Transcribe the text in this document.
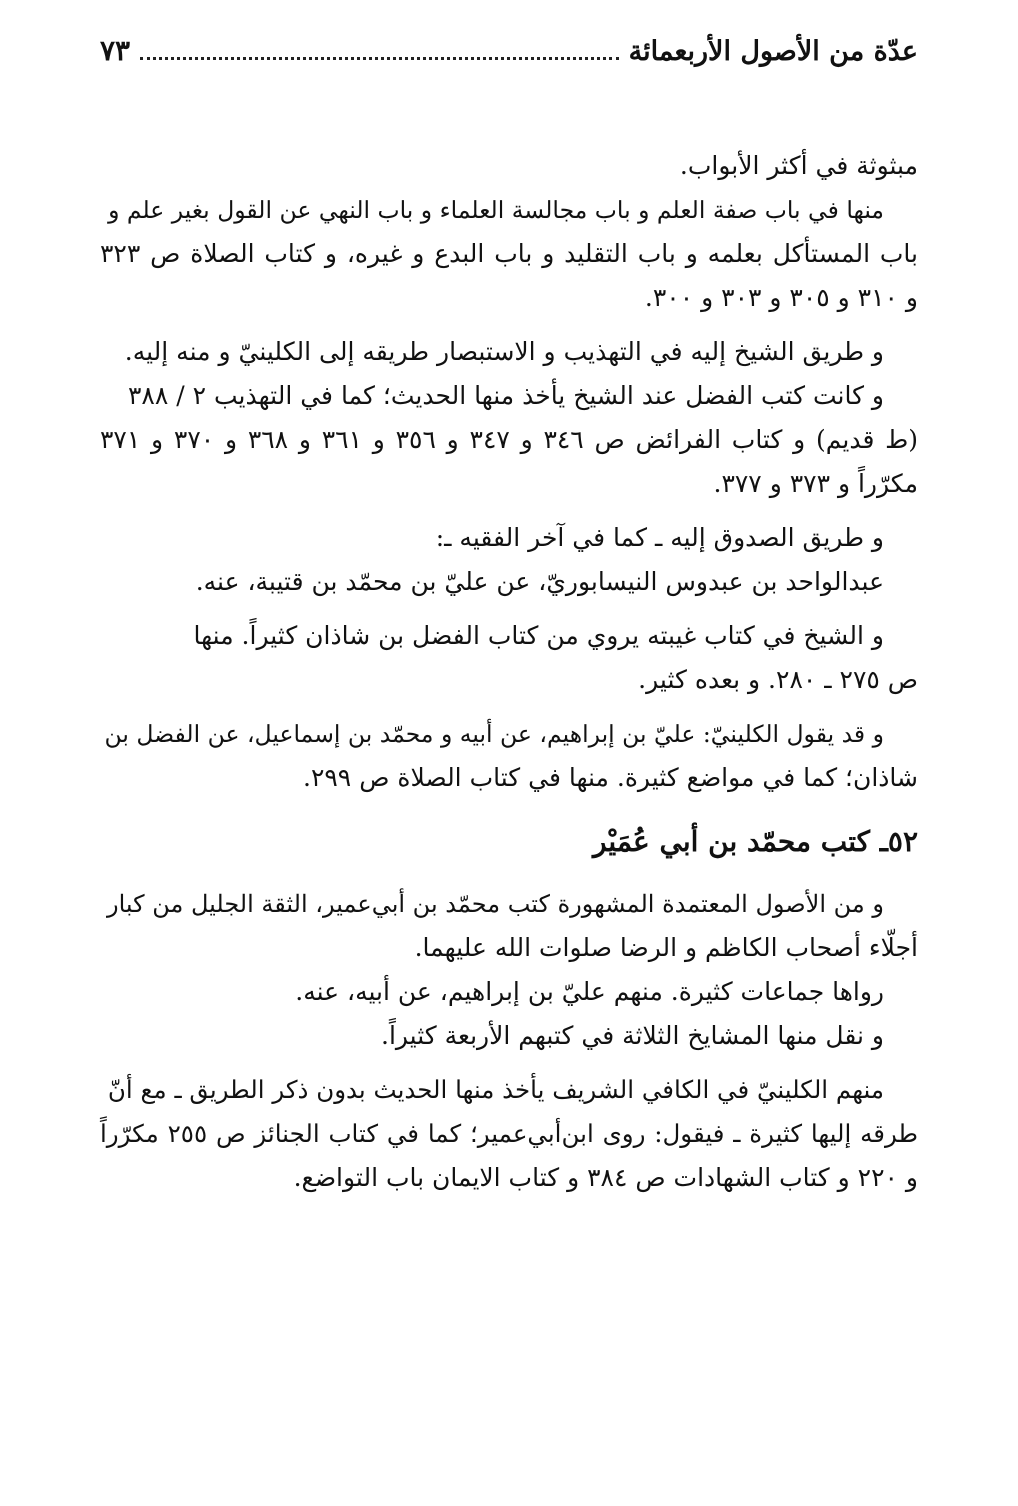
عدّة من الأصول الأربعمائة
٧٣
مبثوثة في أكثر الأبواب.
منها في باب صفة العلم و باب مجالسة العلماء و باب النهي عن القول بغير علم و
باب المستأكل بعلمه و باب التقليد و باب البدع و غيره، و كتاب الصلاة ص ٣٢٣
و ٣١٠ و ٣٠٥ و ٣٠٣ و ٣٠٠.
و طريق الشيخ إليه في التهذيب و الاستبصار طريقه إلى الكلينيّ و منه إليه.
و كانت كتب الفضل عند الشيخ يأخذ منها الحديث؛ كما في التهذيب ٢ / ٣٨٨
(ط قديم) و كتاب الفرائض ص ٣٤٦ و ٣٤٧ و ٣٥٦ و ٣٦١ و ٣٦٨ و ٣٧٠ و ٣٧١
مكرّراً و ٣٧٣ و ٣٧٧.
و طريق الصدوق إليه ـ كما في آخر الفقيه ـ:
عبدالواحد بن عبدوس النيسابوريّ، عن عليّ بن محمّد بن قتيبة، عنه.
و الشيخ في كتاب غيبته يروي من كتاب الفضل بن شاذان كثيراً. منها
ص ٢٧٥ ـ ٢٨٠. و بعده كثير.
و قد يقول الكلينيّ: عليّ بن إبراهيم، عن أبيه و محمّد بن إسماعيل، عن الفضل بن
شاذان؛ كما في مواضع كثيرة. منها في كتاب الصلاة ص ٢٩٩.
٥٢ـ كتب محمّد بن أبي عُمَيْر
و من الأصول المعتمدة المشهورة كتب محمّد بن أبي‌عمير، الثقة الجليل من كبار
أجلّاء أصحاب الكاظم و الرضا صلوات الله عليهما.
رواها جماعات كثيرة. منهم عليّ بن إبراهيم، عن أبيه، عنه.
و نقل منها المشايخ الثلاثة في كتبهم الأربعة كثيراً.
منهم الكلينيّ في الكافي الشريف يأخذ منها الحديث بدون ذكر الطريق ـ مع أنّ
طرقه إليها كثيرة ـ فيقول: روى ابن‌أبي‌عمير؛ كما في كتاب الجنائز ص ٢٥٥ مكرّراً
و ٢٢٠ و كتاب الشهادات ص ٣٨٤ و كتاب الايمان باب التواضع.
